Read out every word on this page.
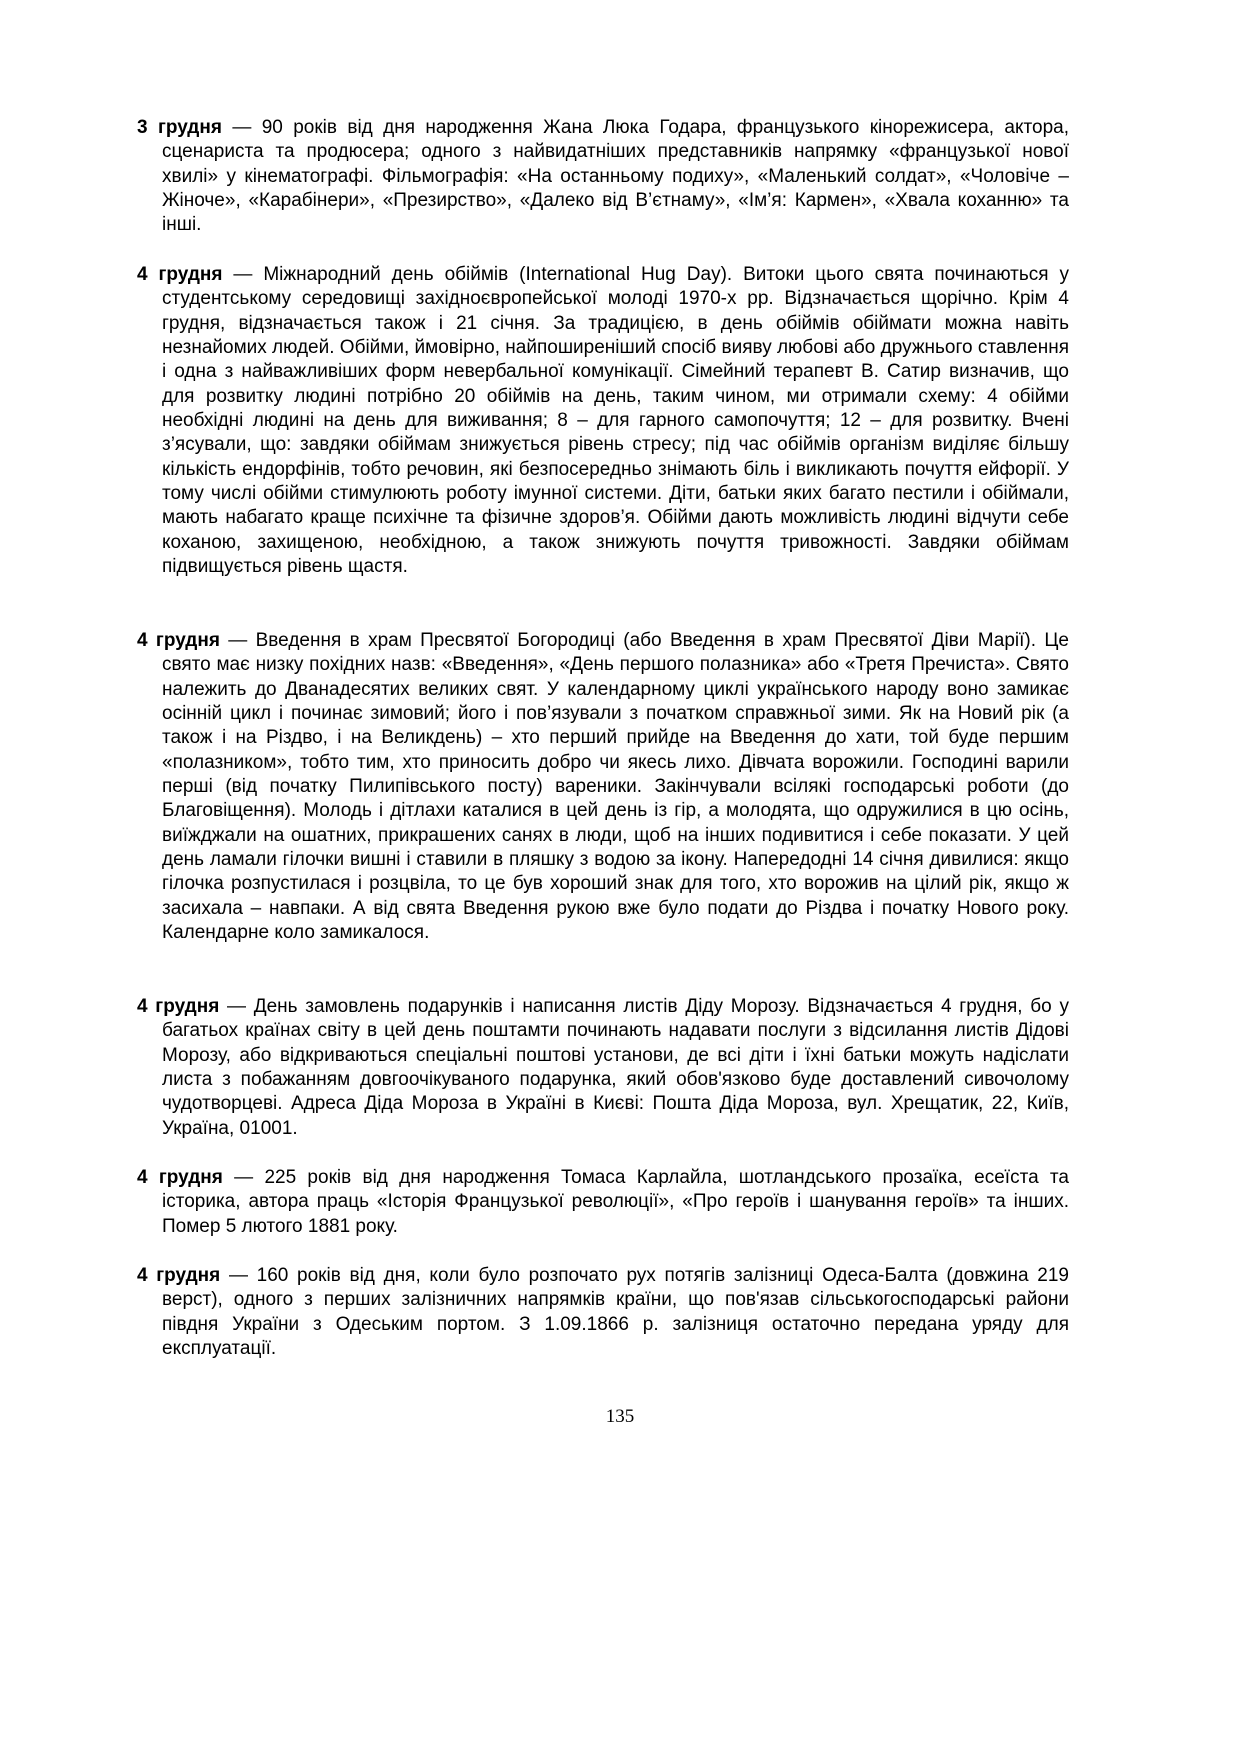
3 грудня — 90 років від дня народження Жана Люка Годара, французького кінорежисера, актора, сценариста та продюсера; одного з найвидатніших представників напрямку «французької нової хвилі» у кінематографі. Фільмографія: «На останньому подиху», «Маленький солдат», «Чоловіче – Жіноче», «Карабінери», «Презирство», «Далеко від В’єтнаму», «Ім’я: Кармен», «Хвала коханню» та інші.

4 грудня — Міжнародний день обіймів (International Hug Day). Витоки цього свята починаються у студентському середовищі західноєвропейської молоді 1970-х рр. Відзначається щорічно. Крім 4 грудня, відзначається також і 21 січня. За традицією, в день обіймів обіймати можна навіть незнайомих людей. Обійми, ймовірно, найпоширеніший спосіб вияву любові або дружнього ставлення і одна з найважливіших форм невербальної комунікації. Сімейний терапевт В. Сатир визначив, що для розвитку людині потрібно 20 обіймів на день, таким чином, ми отримали схему: 4 обійми необхідні людині на день для виживання; 8 – для гарного самопочуття; 12 – для розвитку. Вчені з’ясували, що: завдяки обіймам знижується рівень стресу; під час обіймів організм виділяє більшу кількість ендорфінів, тобто речовин, які безпосередньо знімають біль і викликають почуття ейфорії. У тому числі обійми стимулюють роботу імунної системи. Діти, батьки яких багато пестили і обіймали, мають набагато краще психічне та фізичне здоров’я. Обійми дають можливість людині відчути себе коханою, захищеною, необхідною, а також знижують почуття тривожності. Завдяки обіймам підвищується рівень щастя.

4 грудня — Введення в храм Пресвятої Богородиці (або Введення в храм Пресвятої Діви Марії). Це свято має низку похідних назв: «Введення», «День першого полазника» або «Третя Пречиста». Свято належить до Дванадесятих великих свят. У календарному циклі українського народу воно замикає осінній цикл і починає зимовий; його і пов’язували з початком справжньої зими. Як на Новий рік (а також і на Різдво, і на Великдень) – хто перший прийде на Введення до хати, той буде першим «полазником», тобто тим, хто приносить добро чи якесь лихо. Дівчата ворожили. Господині варили перші (від початку Пилипівського посту) вареники. Закінчували всілякі господарські роботи (до Благовіщення). Молодь і дітлахи каталися в цей день із гір, а молодята, що одружилися в цю осінь, виїжджали на ошатних, прикрашених санях в люди, щоб на інших подивитися і себе показати. У цей день ламали гілочки вишні і ставили в пляшку з водою за ікону. Напередодні 14 січня дивилися: якщо гілочка розпустилася і розцвіла, то це був хороший знак для того, хто ворожив на цілий рік, якщо ж засихала – навпаки. А від свята Введення рукою вже було подати до Різдва і початку Нового року. Календарне коло замикалося.

4 грудня — День замовлень подарунків і написання листів Діду Морозу. Відзначається 4 грудня, бо у багатьох країнах світу в цей день поштамти починають надавати послуги з відсилання листів Дідові Морозу, або відкриваються спеціальні поштові установи, де всі діти і їхні батьки можуть надіслати листа з побажанням довгоочікуваного подарунка, який обов'язково буде доставлений сивочолому чудотворцеві. Адреса Діда Мороза в Україні в Києві: Пошта Діда Мороза, вул. Хрещатик, 22, Київ, Україна, 01001.

4 грудня — 225 років від дня народження Томаса Карлайла, шотландського прозаїка, есеїста та історика, автора праць «Історія Французької революції», «Про героїв і шанування героїв» та інших. Помер 5 лютого 1881 року.

4 грудня — 160 років від дня, коли було розпочато рух потягів залізниці Одеса-Балта (довжина 219 верст), одного з перших залізничних напрямків країни, що пов'язав сільськогосподарські райони півдня України з Одеським портом. З 1.09.1866 р. залізниця остаточно передана уряду для експлуатації.

135
